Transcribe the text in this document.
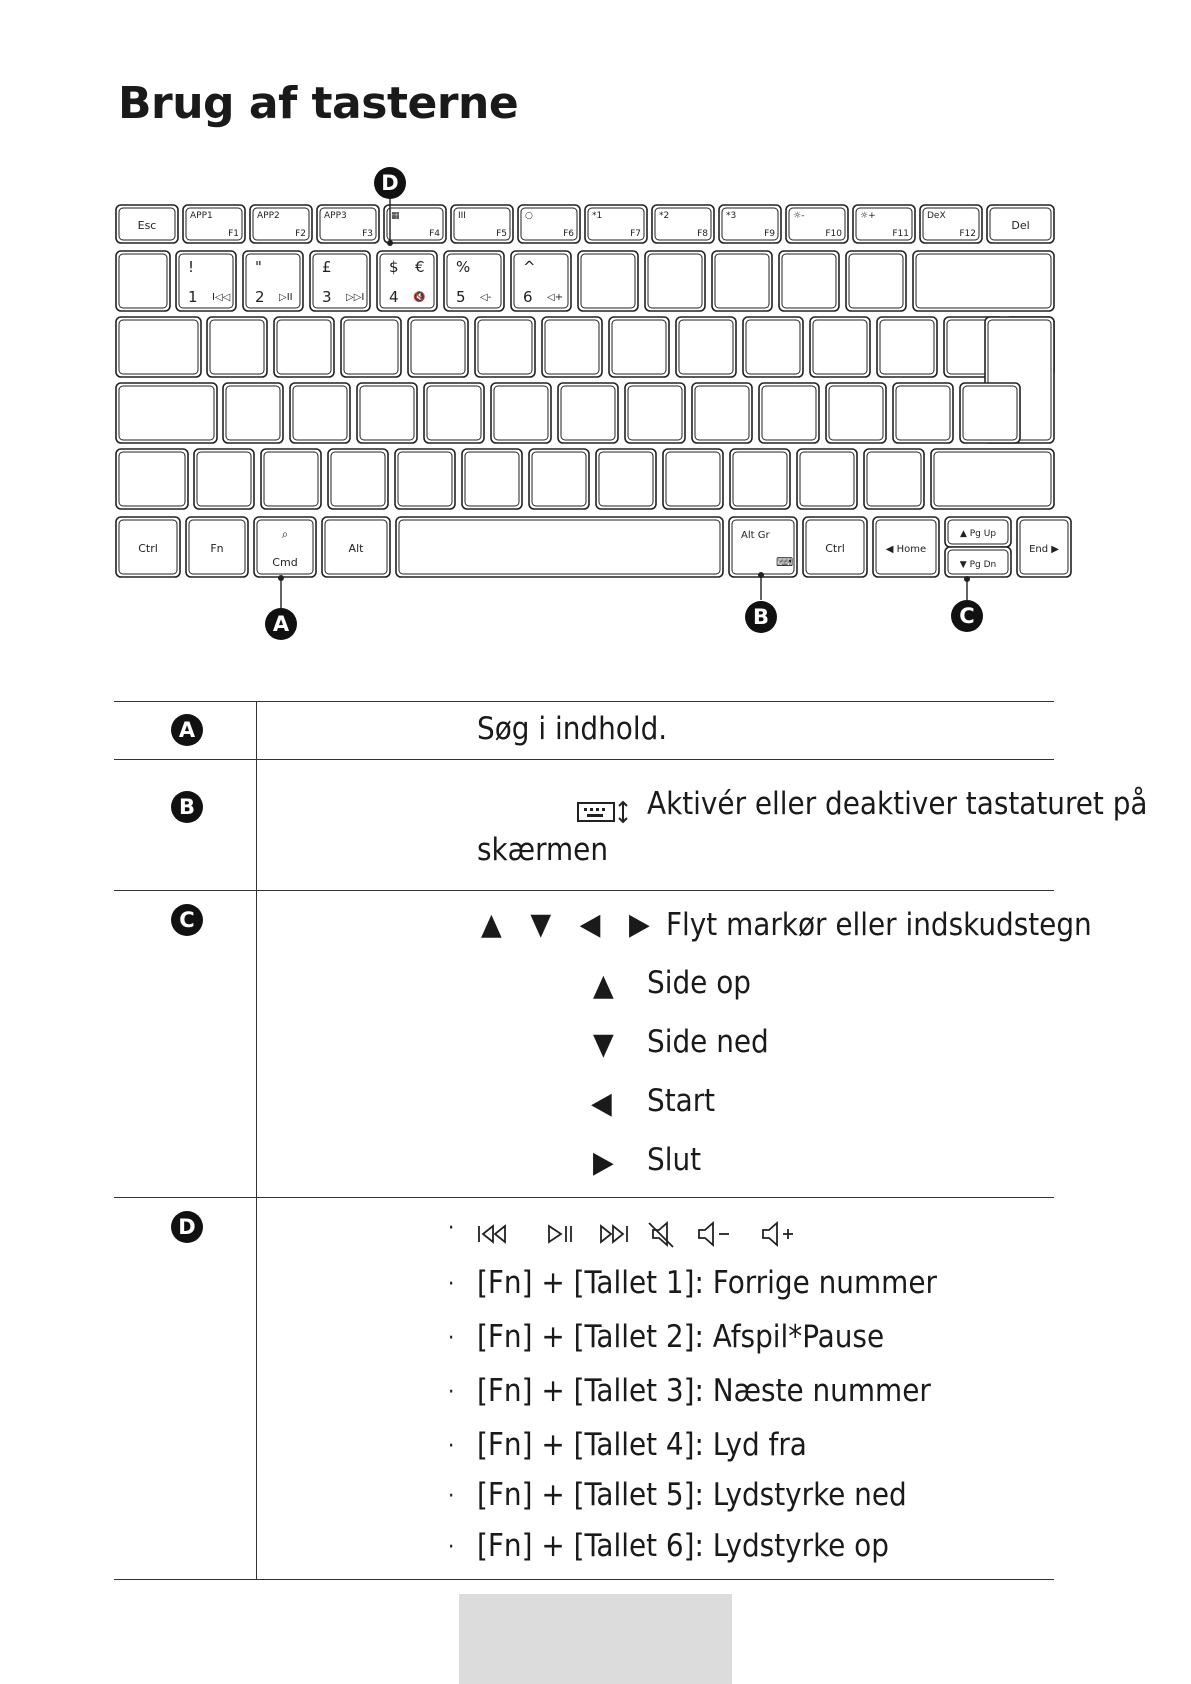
Brug af tasterne
Esc
APP1
F1
APP2
F2
APP3
F3
▦
F4
III
F5
○
F6
*1
F7
*2
F8
*3
F9
☼-
F10
☼+
F11
DeX
F12
Del
!
1 I◁◁
"
2 ▷II
£
3 ▷▷I
$ €
4 🔇
%
5 ◁-
^
6 ◁+
Ctrl	Fn
Cmd
⌕
Alt
Alt Gr
⌨
Ctrl	◀ Home
▲ Pg Up
▼ Pg Dn
End ▶
D
A	B	C
A	Søg i indhold.
B	Aktivér eller deaktiver tastaturet på
skærmen
C	▲ ▼ ◀ ▶ Flyt markør eller indskudstegn
▲ Side op
▼ Side ned
◀ Start
▶ Slut
D	·
· [Fn] + [Tallet 1]: Forrige nummer
· [Fn] + [Tallet 2]: Afspil*Pause
· [Fn] + [Tallet 3]: Næste nummer
· [Fn] + [Tallet 4]: Lyd fra
· [Fn] + [Tallet 5]: Lydstyrke ned
· [Fn] + [Tallet 6]: Lydstyrke op
